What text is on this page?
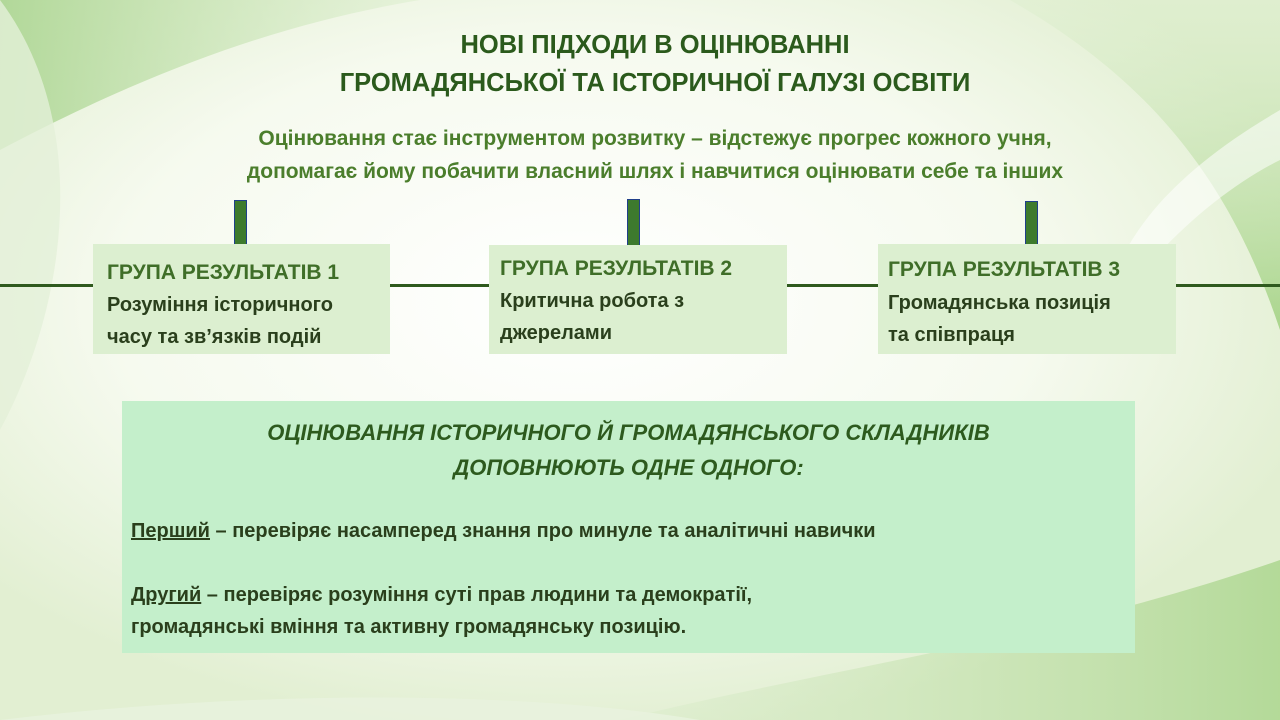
НОВІ ПІДХОДИ В ОЦІНЮВАННІ
ГРОМАДЯНСЬКОЇ ТА ІСТОРИЧНОЇ ГАЛУЗІ ОСВІТИ
Оцінювання стає інструментом розвитку – відстежує прогрес кожного учня,
допомагає йому побачити власний шлях і навчитися оцінювати себе та інших
ГРУПА РЕЗУЛЬТАТІВ 1
Розуміння історичного
часу та зв’язків подій
ГРУПА РЕЗУЛЬТАТІВ 2
Критична робота з
джерелами
ГРУПА РЕЗУЛЬТАТІВ 3
Громадянська позиція
та співпраця
ОЦІНЮВАННЯ ІСТОРИЧНОГО Й ГРОМАДЯНСЬКОГО СКЛАДНИКІВ
ДОПОВНЮЮТЬ ОДНЕ ОДНОГО:
Перший – перевіряє насамперед знання про минуле та аналітичні навички
Другий – перевіряє розуміння суті прав людини та демократії,
громадянські вміння та активну громадянську позицію.
